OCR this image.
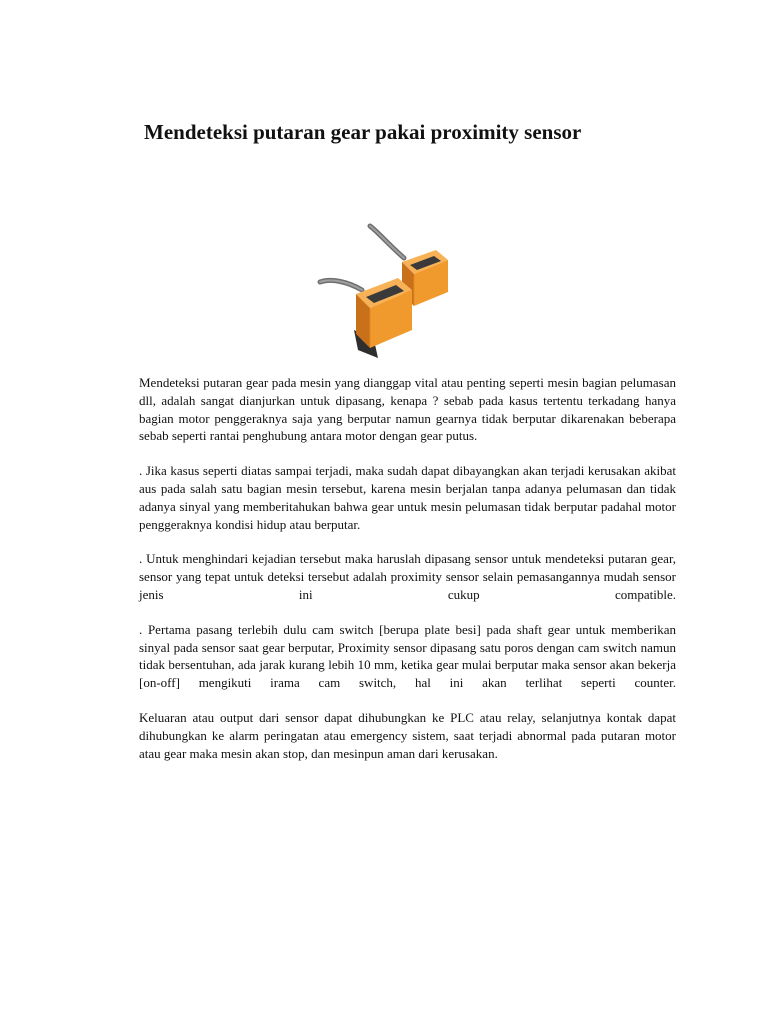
Mendeteksi putaran gear pakai proximity sensor

Mendeteksi putaran gear pada mesin yang dianggap vital atau penting seperti mesin bagian pelumasan dll, adalah sangat dianjurkan untuk dipasang, kenapa ? sebab pada kasus tertentu terkadang hanya bagian motor penggeraknya saja yang berputar namun gearnya tidak berputar dikarenakan beberapa sebab seperti rantai penghubung antara motor dengan gear putus.

. Jika kasus seperti diatas sampai terjadi, maka sudah dapat dibayangkan akan terjadi kerusakan akibat aus pada salah satu bagian mesin tersebut, karena mesin berjalan tanpa adanya pelumasan dan tidak adanya sinyal yang memberitahukan bahwa gear untuk mesin pelumasan tidak berputar padahal motor penggeraknya kondisi hidup atau berputar.

. Untuk menghindari kejadian tersebut maka haruslah dipasang sensor untuk mendeteksi putaran gear, sensor yang tepat untuk deteksi tersebut adalah proximity sensor selain pemasangannya mudah sensor jenis ini cukup compatible.

. Pertama pasang terlebih dulu cam switch [berupa plate besi] pada shaft gear untuk memberikan sinyal pada sensor saat gear berputar, Proximity sensor dipasang satu poros dengan cam switch namun tidak bersentuhan, ada jarak kurang lebih 10 mm, ketika gear mulai berputar maka sensor akan bekerja [on-off] mengikuti irama cam switch, hal ini akan terlihat seperti counter.

Keluaran atau output dari sensor dapat dihubungkan ke PLC atau relay, selanjutnya kontak dapat dihubungkan ke alarm peringatan atau emergency sistem, saat terjadi abnormal pada putaran motor atau gear maka mesin akan stop, dan mesinpun aman dari kerusakan.
